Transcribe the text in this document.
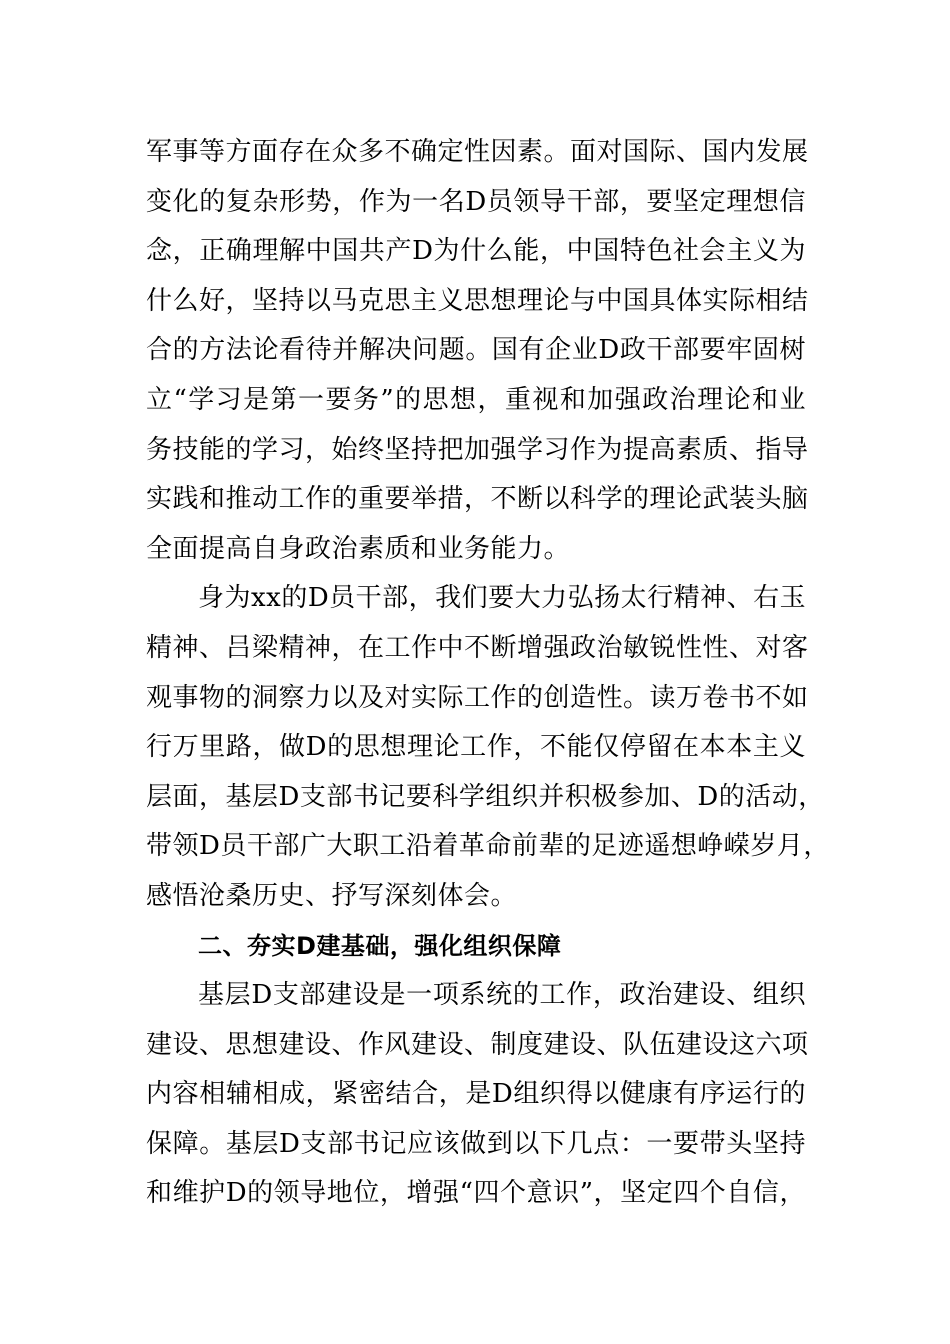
军事等方面存在众多不确定性因素。面对国际、国内发展
变化的复杂形势，作为一名D员领导干部，要坚定理想信
念，正确理解中国共产D为什么能，中国特色社会主义为
什么好，坚持以马克思主义思想理论与中国具体实际相结
合的方法论看待并解决问题。国有企业D政干部要牢固树
立“学习是第一要务”的思想，重视和加强政治理论和业
务技能的学习，始终坚持把加强学习作为提高素质、指导
实践和推动工作的重要举措，不断以科学的理论武装头脑
全面提高自身政治素质和业务能力。
身为xx的D员干部，我们要大力弘扬太行精神、右玉
精神、吕梁精神，在工作中不断增强政治敏锐性性、对客
观事物的洞察力以及对实际工作的创造性。读万卷书不如
行万里路，做D的思想理论工作，不能仅停留在本本主义
层面，基层D支部书记要科学组织并积极参加、D的活动，
带领D员干部广大职工沿着革命前辈的足迹遥想峥嵘岁月，
感悟沧桑历史、抒写深刻体会。
二、夯实D建基础，强化组织保障
基层D支部建设是一项系统的工作，政治建设、组织
建设、思想建设、作风建设、制度建设、队伍建设这六项
内容相辅相成，紧密结合，是D组织得以健康有序运行的
保障。基层D支部书记应该做到以下几点：一要带头坚持
和维护D的领导地位，增强“四个意识”，坚定四个自信，
